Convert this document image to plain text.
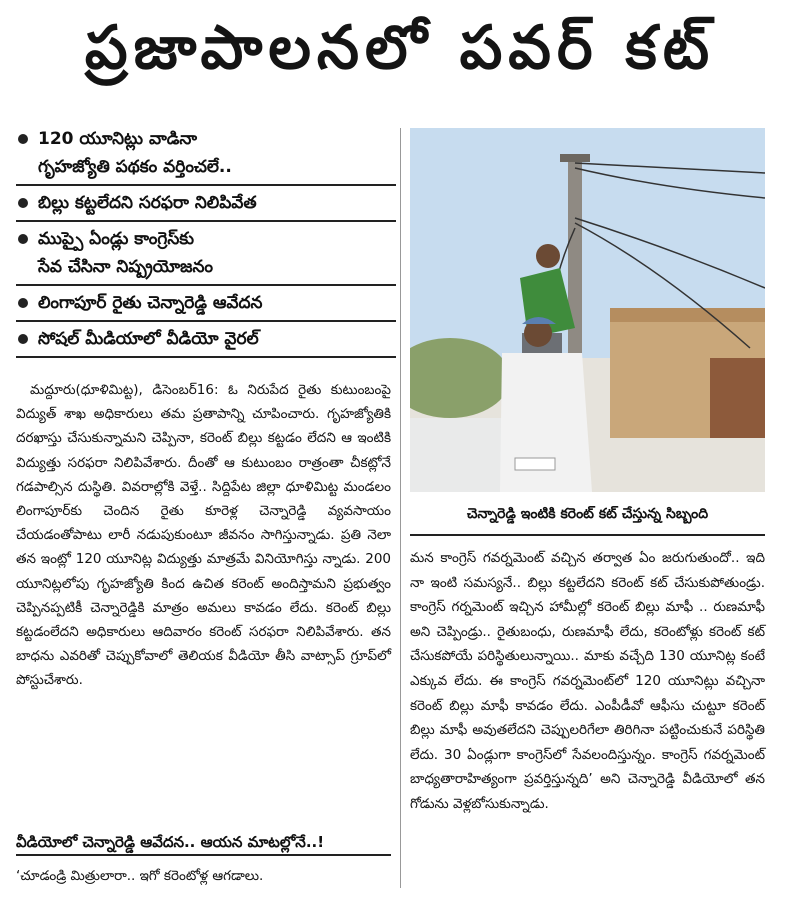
ప్రజాపాలనలో పవర్ కట్
120 యూనిట్లు వాడినా
గృహజ్యోతి పథకం వర్తించలే..
బిల్లు కట్టలేదని సరఫరా నిలిపివేత
ముప్పై ఏండ్లు కాంగ్రెస్‌కు
సేవ చేసినా నిష్ప్రయోజనం
లింగాపూర్ రైతు చెన్నారెడ్డి ఆవేదన
సోషల్ మీడియాలో వీడియో వైరల్
చెన్నారెడ్డి ఇంటికి కరెంట్ కట్ చేస్తున్న సిబ్బంది

మద్దూరు(ధూళిమిట్ట), డిసెంబర్16: ఓ నిరుపేద రైతు కుటుంబంపై విద్యుత్ శాఖ అధికారులు తమ ప్రతాపాన్ని చూపించారు. గృహజ్యోతికి దరఖాస్తు చేసుకున్నామని చెప్పినా, కరెంట్ బిల్లు కట్టడం లేదని ఆ ఇంటికి విద్యుత్తు సరఫరా నిలిపివేశారు. దీంతో ఆ కుటుంబం రాత్రంతా చీకట్లోనే గడపాల్సిన దుస్థితి. వివరాల్లోకి వెళ్తే.. సిద్దిపేట జిల్లా ధూళిమిట్ట మండలం లింగాపూర్‌కు చెందిన రైతు కూరెళ్ల చెన్నారెడ్డి వ్యవసాయం చేయడంతోపాటు లారీ నడుపుకుంటూ జీవనం సాగిస్తున్నాడు. ప్రతి నెలా తన ఇంట్లో 120 యూనిట్ల విద్యుత్తు మాత్రమే వినియోగిస్తు న్నాడు. 200 యూనిట్లలోపు గృహజ్యోతి కింద ఉచిత కరెంట్ అందిస్తామని ప్రభుత్వం చెప్పినప్పటికీ చెన్నారెడ్డికి మాత్రం అమలు కావడం లేదు. కరెంట్ బిల్లు కట్టడంలేదని అధికారులు ఆదివారం కరెంట్ సరఫరా నిలిపివేశారు. తన బాధను ఎవరితో చెప్పుకోవాలో తెలియక వీడియో తీసి వాట్సాప్ గ్రూప్‌లో పోస్టుచేశారు.

వీడియోలో చెన్నారెడ్డి ఆవేదన.. ఆయన మాటల్లోనే..!
‘చూడండ్రి మిత్రులారా.. ఇగో కరెంటోళ్ల ఆగడాలు.

మన కాంగ్రెస్ గవర్నమెంట్ వచ్చిన తర్వాత ఏం జరుగుతుందో.. ఇది నా ఇంటి సమస్యనే.. బిల్లు కట్టలేదని కరెంట్ కట్ చేసుకుపోతుండ్రు. కాంగ్రెస్ గర్నమెంట్ ఇచ్చిన హామీల్లో కరెంట్ బిల్లు మాఫీ .. రుణమాఫీ అని చెప్పిండ్రు.. రైతుబంధు, రుణమాఫీ లేదు, కరెంటోళ్లు కరెంట్ కట్ చేసుకపోయే పరిస్థితులున్నాయి.. మాకు వచ్చేది 130 యూనిట్ల కంటే ఎక్కువ లేదు. ఈ కాంగ్రెస్ గవర్నమెంట్‌లో 120 యూనిట్లు వచ్చినా కరెంట్ బిల్లు మాఫీ కావడం లేదు. ఎంపీడీవో ఆఫీసు చుట్టూ కరెంట్ బిల్లు మాఫీ అవుతలేదని చెప్పులరిగేలా తిరిగినా పట్టించుకునే పరిస్థితి లేదు. 30 ఏండ్లుగా కాంగ్రెస్‌లో సేవలందిస్తున్నం. కాంగ్రెస్ గవర్నమెంట్ బాధ్యతారాహిత్యంగా ప్రవర్తిస్తున్నది’ అని చెన్నారెడ్డి వీడియోలో తన గోడును వెళ్లబోసుకున్నాడు.
